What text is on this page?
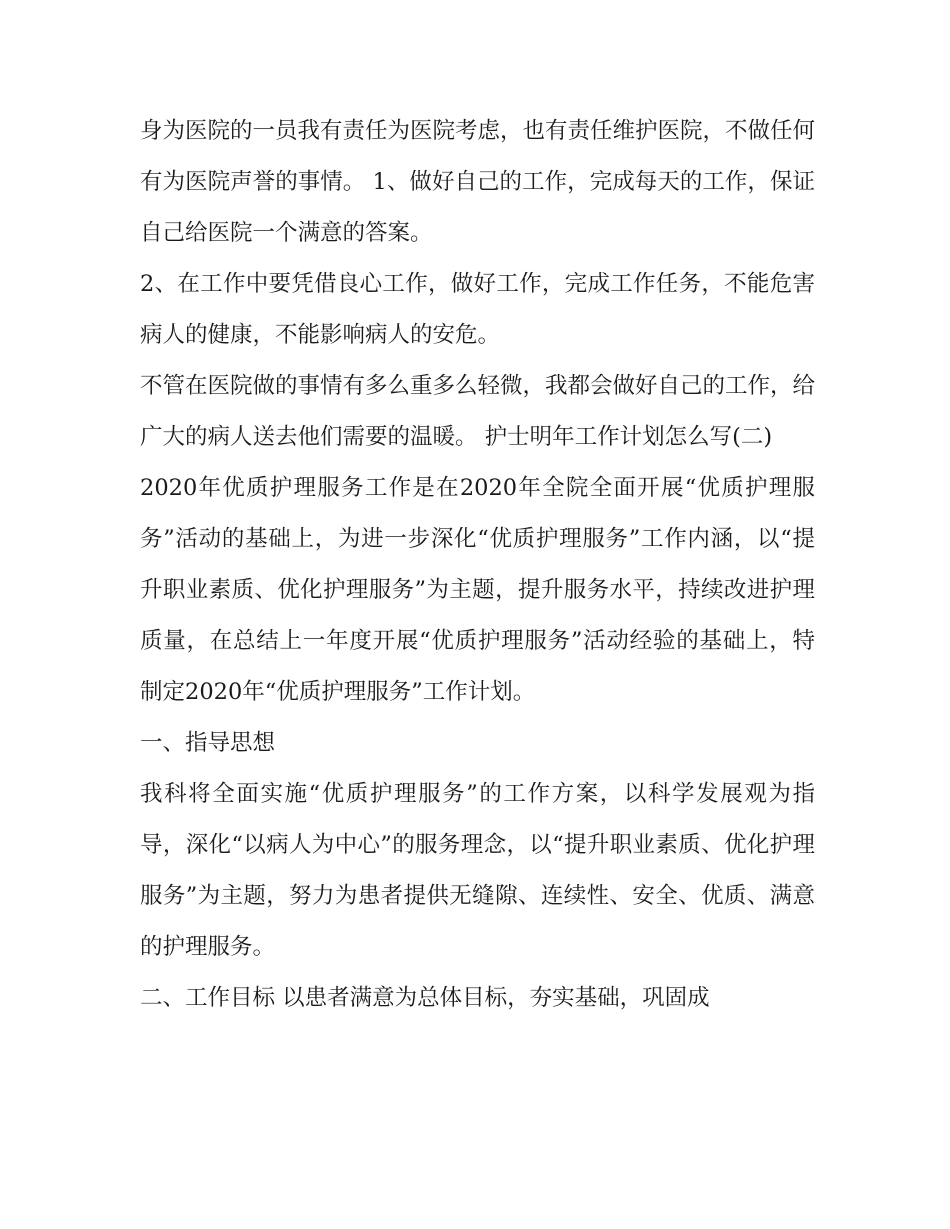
身为医院的一员我有责任为医院考虑，也有责任维护医院，不做任何有为医院声誉的事情。 1、做好自己的工作，完成每天的工作，保证自己给医院一个满意的答案。

2、在工作中要凭借良心工作，做好工作，完成工作任务，不能危害病人的健康，不能影响病人的安危。

不管在医院做的事情有多么重多么轻微，我都会做好自己的工作，给广大的病人送去他们需要的温暖。 护士明年工作计划怎么写(二)

2020年优质护理服务工作是在2020年全院全面开展“优质护理服务”活动的基础上，为进一步深化“优质护理服务”工作内涵，以“提升职业素质、优化护理服务”为主题，提升服务水平，持续改进护理质量，在总结上一年度开展“优质护理服务”活动经验的基础上，特制定2020年“优质护理服务”工作计划。

一、指导思想

我科将全面实施“优质护理服务”的工作方案，以科学发展观为指导，深化“以病人为中心”的服务理念，以“提升职业素质、优化护理服务”为主题，努力为患者提供无缝隙、连续性、安全、优质、满意的护理服务。

二、工作目标 以患者满意为总体目标，夯实基础，巩固成
